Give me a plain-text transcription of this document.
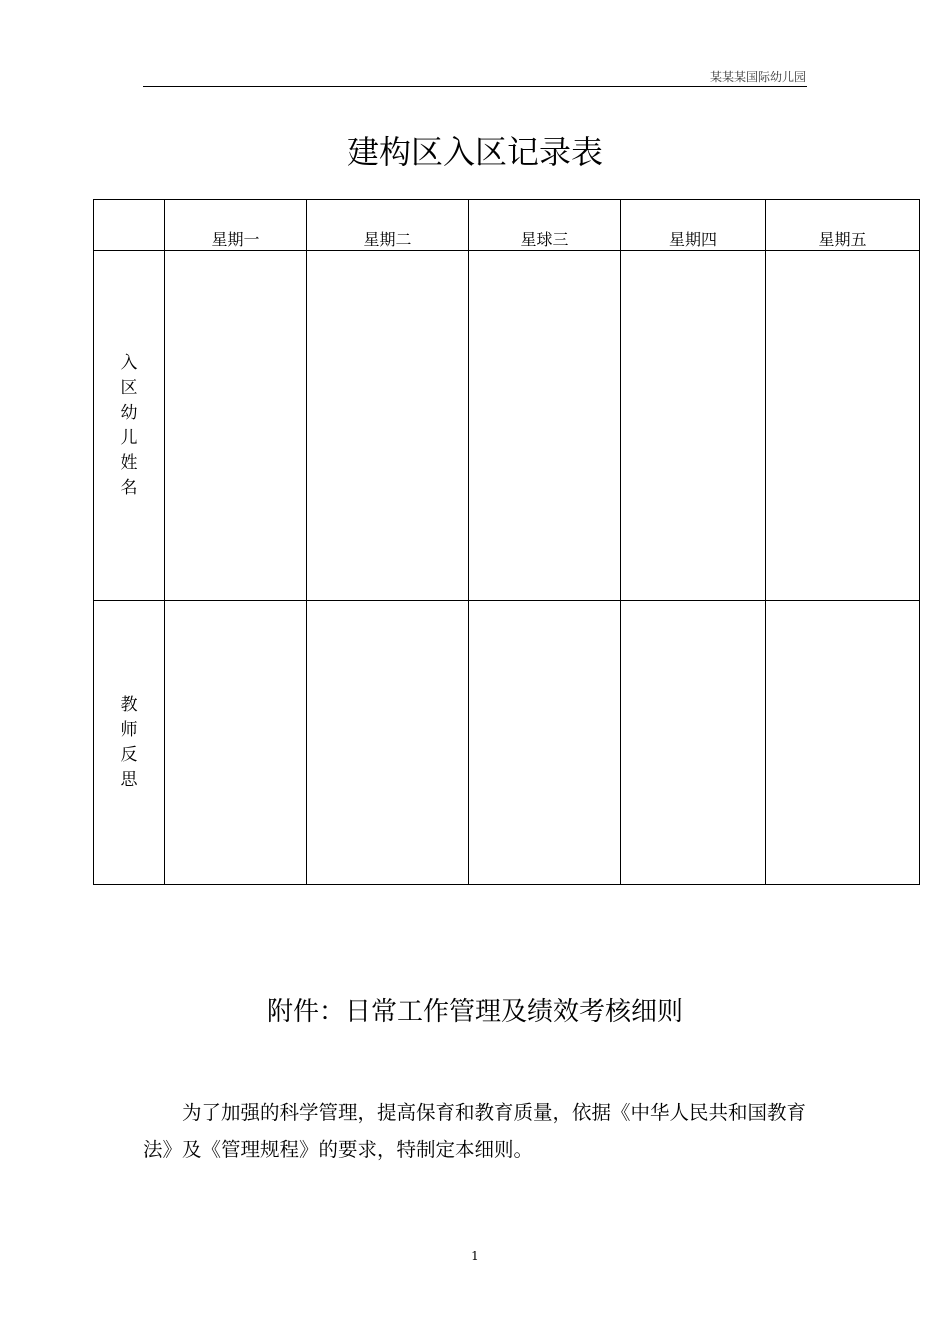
某某某国际幼儿园
建构区入区记录表
	星期一	星期二	星球三	星期四	星期五
入区幼儿姓名					
教师反思					
附件：日常工作管理及绩效考核细则

为了加强的科学管理，提高保育和教育质量，依据《中华人民共和国教育法》及《管理规程》的要求，特制定本细则。

1
